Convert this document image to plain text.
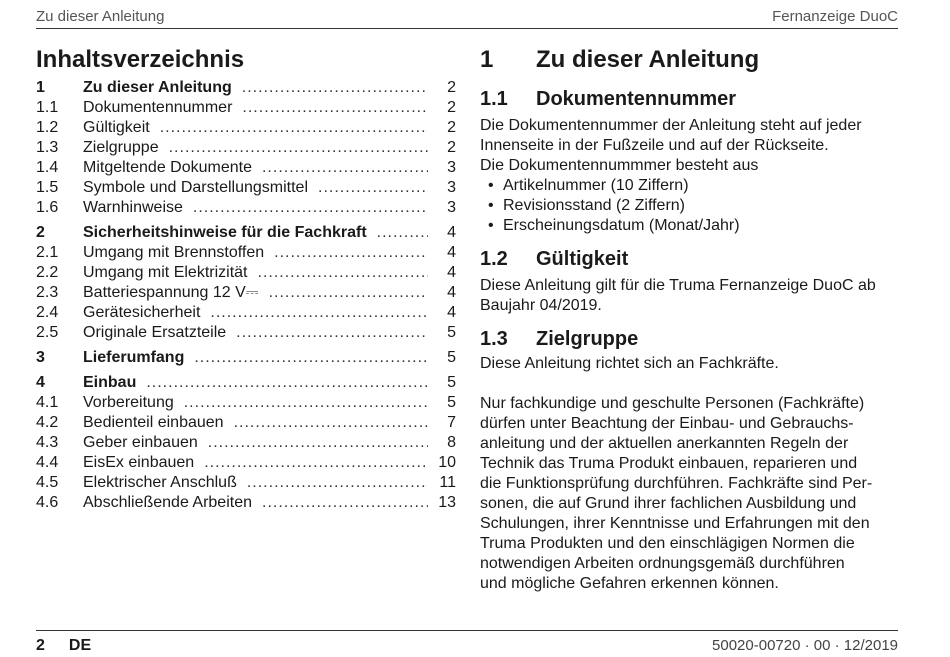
Zu dieser Anleitung	Fernanzeige DuoC
Inhaltsverzeichnis
1	Zu dieser Anleitung .....	2
1.1	Dokumentennummer .....	2
1.2	Gültigkeit .....	2
1.3	Zielgruppe .....	2
1.4	Mitgeltende Dokumente .....	3
1.5	Symbole und Darstellungsmittel .....	3
1.6	Warnhinweise .....	3
2	Sicherheitshinweise für die Fachkraft .....	4
2.1	Umgang mit Brennstoffen .....	4
2.2	Umgang mit Elektrizität .....	4
2.3	Batteriespannung 12 V⎓ .....	4
2.4	Gerätesicherheit .....	4
2.5	Originale Ersatzteile .....	5
3	Lieferumfang .....	5
4	Einbau .....	5
4.1	Vorbereitung .....	5
4.2	Bedienteil einbauen .....	7
4.3	Geber einbauen .....	8
4.4	EisEx einbauen .....	10
4.5	Elektrischer Anschluß .....	11
4.6	Abschließende Arbeiten .....	13
1	Zu dieser Anleitung
1.1	Dokumentennummer

Die Dokumentennummer der Anleitung steht auf jeder

Innenseite in der Fußzeile und auf der Rückseite.

Die Dokumentennummmer besteht aus

• Artikelnummer (10 Ziffern)
• Revisionsstand (2 Ziffern)
• Erscheinungsdatum (Monat/Jahr)
1.2	Gültigkeit

Diese Anleitung gilt für die Truma Fernanzeige DuoC ab

Baujahr 04/2019.

1.3	Zielgruppe

Diese Anleitung richtet sich an Fachkräfte.

Nur fachkundige und geschulte Personen (Fachkräfte)

dürfen unter Beachtung der Einbau- und Gebrauchs-

anleitung und der aktuellen anerkannten Regeln der

Technik das Truma Produkt einbauen, reparieren und

die Funktionsprüfung durchführen. Fachkräfte sind Per-

sonen, die auf Grund ihrer fachlichen Ausbildung und

Schulungen, ihrer Kenntnisse und Erfahrungen mit den

Truma Produkten und den einschlägigen Normen die

notwendigen Arbeiten ordnungsgemäß durchführen

und mögliche Gefahren erkennen können.

2 DE	50020-00720 · 00 · 12/2019
